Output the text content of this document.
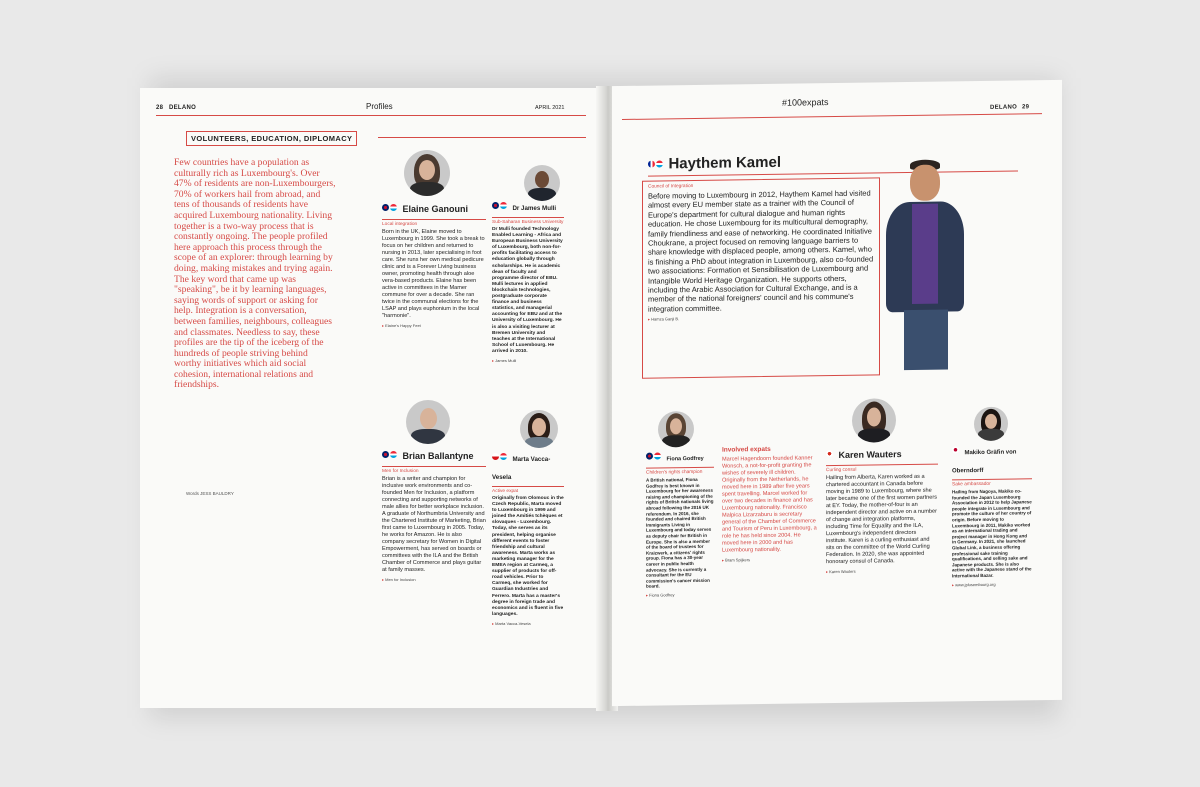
28 DELANO	Profiles	APRIL 2021
VOLUNTEERS, EDUCATION, DIPLOMACY
Few countries have a population as culturally rich as Luxembourg's. Over 47% of residents are non-Luxembourgers, 70% of workers hail from abroad, and tens of thousands of residents have acquired Luxembourg nationality. Living together is a two-way process that is constantly ongoing. The people profiled here approach this process through the scope of an explorer: through learning by doing, making mistakes and trying again. The key word that came up was "speaking", be it by learning languages, saying words of support or asking for help. Integration is a conversation, between families, neighbours, colleagues and classmates. Needless to say, these profiles are the tip of the iceberg of the hundreds of people striving behind worthy initiatives which aid social cohesion, international relations and friendships.
Words JESS BAULDRY
Elaine Ganouni
Local integration
Born in the UK, Elaine moved to Luxembourg in 1999. She took a break to focus on her children and returned to nursing in 2013, later specialising in foot care. She runs her own medical pedicure clinic and is a Forever Living business owner, promoting health through aloe vera-based products. Elaine has been active in committees in the Mamer commune for over a decade. She ran twice in the communal elections for the LSAP and plays euphonium in the local "harmonie".
▸ Elaine's Happy Feet
Dr James Mulli
Sub-Saharan Business University
Dr Mulli founded Technology Enabled Learning - Africa and European Business University of Luxembourg, both non-for-profits facilitating access to education globally through scholarships. He is academic dean of faculty and programme director of EBU. Mulli lectures in applied blockchain technologies, postgraduate corporate finance and business statistics, and managerial accounting for EBU and at the University of Luxembourg. He is also a visiting lecturer at Bremen University and teaches at the International School of Luxembourg. He arrived in 2010.
▸ James Mulli
Brian Ballantyne
Men for Inclusion
Brian is a writer and champion for inclusive work environments and co-founded Men for Inclusion, a platform connecting and supporting networks of male allies for better workplace inclusion. A graduate of Northumbria University and the Chartered Institute of Marketing, Brian first came to Luxembourg in 2005. Today, he works for Amazon. He is also company secretary for Women in Digital Empowerment, has served on boards or committees with the ILA and the British Chamber of Commerce and plays guitar at family masses.
▸ Men for Inclusion
Marta Vacca-Vesela
Active expat
Originally from Olomouc in the Czech Republic, Marta moved to Luxembourg in 1999 and joined the Amitiés tchèques et slovaques - Luxembourg. Today, she serves as its president, helping organise different events to foster friendship and cultural awareness. Marta works as marketing manager for the EMEA region at Carmeq, a supplier of products for off-road vehicles. Prior to Carmeq, she worked for Guardian Industries and Ferrero. Marta has a master's degree in foreign trade and economics and is fluent in five languages.
▸ Marta Vacca-Vesela
#100expats	DELANO 29
Haythem Kamel
Council of Integration
Before moving to Luxembourg in 2012, Haythem Kamel had visited almost every EU member state as a trainer with the Council of Europe's department for cultural dialogue and human rights education. He chose Luxembourg for its multicultural demography, family friendliness and ease of networking. He coordinated Initiative Choukrane, a project focused on removing language barriers to share knowledge with displaced people, among others. Kamel, who is finishing a PhD about integration in Luxembourg, also co-founded two associations: Formation et Sensibilisation de Luxembourg and Intangible World Heritage Organization. He supports others, including the Arabic Association for Cultural Exchange, and is a member of the national foreigners' council and his commune's integration committee.
▸ Hamza Ganji B.
Fiona Godfrey
Children's rights champion
A British national, Fiona Godfrey is best known in Luxembourg for her awareness raising and championing of the rights of British nationals living abroad following the 2016 UK referendum. In 2016, she founded and chaired British Immigrants Living in Luxembourg and today serves as deputy chair for British in Europe. She is also a member of the board of trustees for Kraizwerk, a citizens' rights group. Fiona has a 30-year career in public health advocacy. She is currently a consultant for the EU commission's cancer mission board.
▸ Fiona Godfrey
Involved expats
Marcel Hagendoorn founded Kanner Wonsch, a not-for-profit granting the wishes of severely ill children. Originally from the Netherlands, he moved here in 1989 after five years spent travelling. Marcel worked for over two decades in finance and has Luxembourg nationality. Francisco Malpica Lizarzaburu is secretary general of the Chamber of Commerce and Tourism of Peru in Luxembourg, a role he has held since 2004. He moved here in 2000 and has Luxembourg nationality.
▸ Bram Spijkers
Karen Wauters
Curling consul
Hailing from Alberta, Karen worked as a chartered accountant in Canada before moving in 1989 to Luxembourg, where she later became one of the first women partners at EY. Today, the mother-of-four is an independent director and active on a number of change and integration platforms, including Time for Equality and the ILA, Luxembourg's independent directors institute. Karen is a curling enthusiast and sits on the committee of the World Curling Federation. In 2020, she was appointed honorary consul of Canada.
▸ Karen Wauters
Makiko Gräfin von Oberndorff
Sake ambassador
Hailing from Nagoya, Makiko co-founded the Japan Luxembourg Association in 2012 to help Japanese people integrate in Luxembourg and promote the culture of her country of origin. Before moving to Luxembourg in 2011, Makiko worked as an international trading and project manager in Hong Kong and in Germany. In 2021, she launched Global Link, a business offering professional sake training qualifications, and selling sake and Japanese products. She is also active with the Japanese stand of the International Bazar.
▸ www.jplusembourg.org
